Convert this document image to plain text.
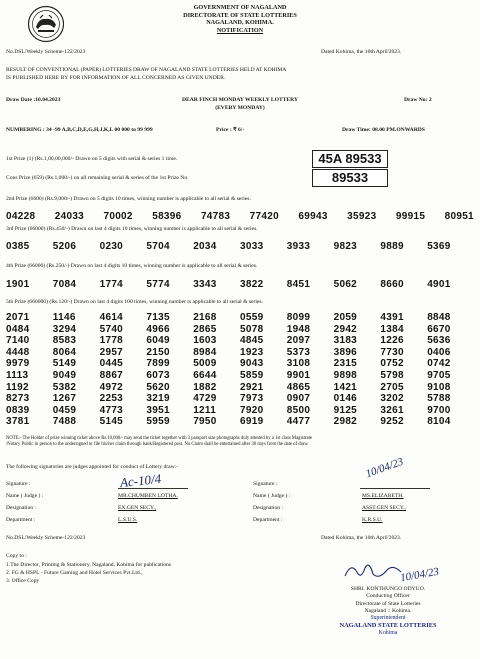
GOVERNMENT OF NAGALAND
DIRECTORATE OF STATE LOTTERIES
NAGALAND, KOHIMA.
NOTIFICATION
No.DSL/Weekly Scheme-122/2023	Dated Kohima, the 10th April'2023.
RESULT OF CONVENTIONAL (PAPER) LOTTERIES DRAW OF NAGALAND STATE LOTTERIES HELD AT KOHIMA
IS PUBLISHED HERE BY FOR INFORMATION OF ALL CONCERNED AS GIVEN UNDER.
Draw Date :10.04.2023	DEAR FINCH MONDAY WEEKLY LOTTERY
(EVERY MONDAY)
Draw No: 2
NUMBERING : 34 -99 A,B,C,D,E,G,H,J,K,L 00 000 to 99 999	Price : ₹ 6/-	Draw Time: 08.00 PM.ONWARDS
1st Prize (1) (Rs.1,00,00,000/- Drawn on 5 digits with serial & series 1 time.	45A 89533
Cons Prize (659) (Rs.1,000/-) on all remaining serial & series of the 1st Prize No.	89533
2nd Prize (6600) (Rs.9,000/-) Drawn on 5 digits 10 times, winning number is applicable to all serial & series.
04228 24033 70002 58396 74783 77420 69943 35923 99915 80951
3rd Prize (66000) (Rs.450/-) Drawn on last 4 digits 10 times, winning number is applicable to all serial & series.
0385	5206	0230	5704	2034	3033	3933	9823	9889	5369
4th Prize (66000) (Rs.250/-) Drawn on last 4 digits 10 times, winning number is applicable to all serial & series.
1901	7084	1774	5774	3343	3822	8451	5062	8660	4901
5th Prize (660000) (Rs.120/-) Drawn on last 4 digits 100 times, winning number is applicable to all serial & series.
2071	1146	4614	7135	2168	0559	8099	2059	4391	8848
0484	3294	5740	4966	2865	5078	1948	2942	1384	6670
7140	8583	1778	6049	1603	4845	2097	3183	1226	5636
4448	8064	2957	2150	8984	1923	5373	3896	7730	0406
9979	5149	0445	7899	5009	9043	3108	2315	0752	0742
1113	9049	8867	6073	6644	5859	9901	9898	5798	9705
1192	5382	4972	5620	1882	2921	4865	1421	2705	9108
8273	1267	2253	3219	4729	7973	0907	0146	3202	5788
0839	0459	4773	3951	1211	7920	8500	9125	3261	9700
3781	7488	5145	5959	7950	6919	4477	2982	9252	8104
NOTE:- The Holder of prize winning ticket above Rs.10,000/- may send the ticket together with 3 passport size photographs duly attested by a 1st class Magistrate
/Notary Public in person to the undersigned or file his/her claim through bank/Registered post. No Claim shall be entertained after 30 days from the date of draw.
The following signatories are judges appointed for conduct of Lottery draw:-
Signature :	Ac-10/4
Name ( Judge ) :	MR.CHUMBEN LOTHA.
Designation :	EX.GEN SECY.,
Department :	L.S.U.S.
Signature :
10/04/23
Name ( Judge ) :	MS.ELIZABETH.
Designation :	ASST.GEN SECY.,
Department :	K.R.S.U.
No.DSL/Weekly Scheme-122/2023	Dated Kohima, the 10th April'2023.
Copy to :
1.The Director, Printing & Stationery, Nagaland, Kohima for publications
2. FG & HSPL - Future Gaming and Hotel Services Pvt.Ltd.,
3. Office Copy	10/04/23
SHRI. KONTHUNGO ODYUO.
Conducting Officer
Directorate of State Lotteries
Nagaland :: Kohima.
Superintendent
NAGALAND STATE LOTTERIES
Kohima
